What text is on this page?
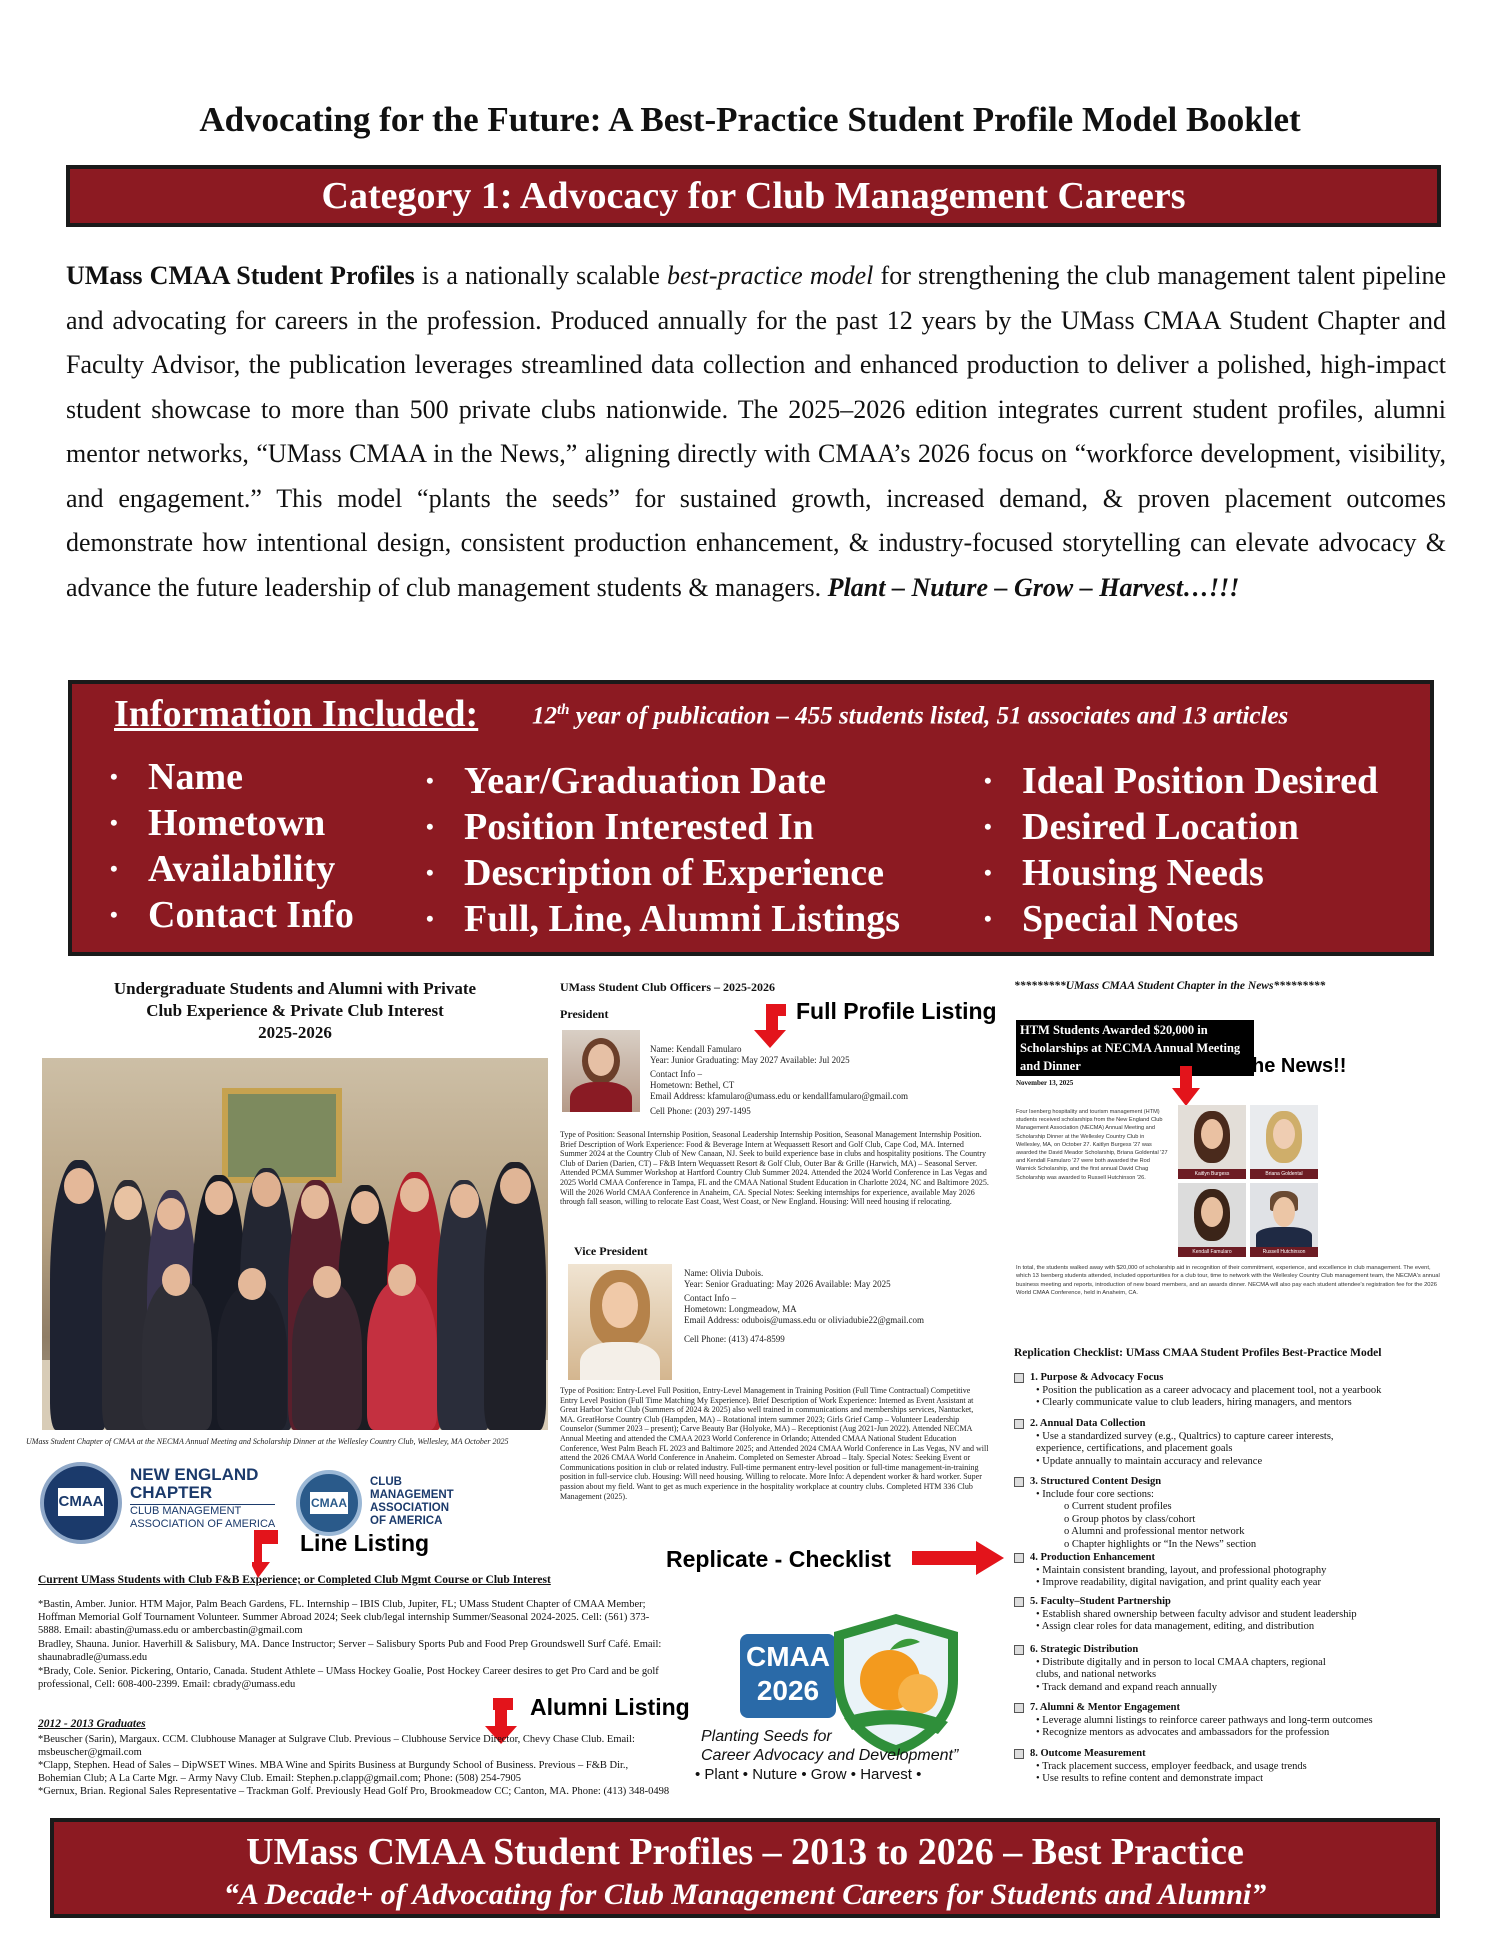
Advocating for the Future: A Best-Practice Student Profile Model Booklet
Category 1: Advocacy for Club Management Careers
UMass CMAA Student Profiles is a nationally scalable best-practice model for strengthening the club management talent pipeline and advocating for careers in the profession. Produced annually for the past 12 years by the UMass CMAA Student Chapter and Faculty Advisor, the publication leverages streamlined data collection and enhanced production to deliver a polished, high-impact student showcase to more than 500 private clubs nationwide. The 2025–2026 edition integrates current student profiles, alumni mentor networks, “UMass CMAA in the News,” aligning directly with CMAA’s 2026 focus on “workforce development, visibility, and engagement.” This model “plants the seeds” for sustained growth, increased demand, & proven placement outcomes demonstrate how intentional design, consistent production enhancement, & industry-focused storytelling can elevate advocacy & advance the future leadership of club management students & managers. Plant – Nuture – Grow – Harvest…!!!
Information Included: 12th year of publication – 455 students listed, 51 associates and 13 articles
• Name
• Hometown
• Availability
• Contact Info
• Year/Graduation Date
• Position Interested In
• Description of Experience
• Full, Line, Alumni Listings
• Ideal Position Desired
• Desired Location
• Housing Needs
• Special Notes
Undergraduate Students and Alumni with Private
Club Experience & Private Club Interest
2025-2026
UMass Student Chapter of CMAA at the NECMA Annual Meeting and Scholarship Dinner at the Wellesley Country Club, Wellesley, MA October 2025
CMAA
NEW ENGLAND
CHAPTER
CLUB MANAGEMENT
ASSOCIATION OF AMERICA
CMAA
CLUB
MANAGEMENT
ASSOCIATION
OF AMERICA
Line Listing
Current UMass Students with Club F&B Experience; or Completed Club Mgmt Course or Club Interest
*Bastin, Amber. Junior. HTM Major, Palm Beach Gardens, FL. Internship – IBIS Club, Jupiter, FL; UMass Student Chapter of CMAA Member; Hoffman Memorial Golf Tournament Volunteer. Summer Abroad 2024; Seek club/legal internship Summer/Seasonal 2024-2025. Cell: (561) 373- 5888. Email: abastin@umass.edu or ambercbastin@gmail.com
Bradley, Shauna. Junior. Haverhill & Salisbury, MA. Dance Instructor; Server – Salisbury Sports Pub and Food Prep Groundswell Surf Café. Email: shaunabradle@umass.edu
*Brady, Cole. Senior. Pickering, Ontario, Canada. Student Athlete – UMass Hockey Goalie, Post Hockey Career desires to get Pro Card and be golf professional, Cell: 608-400-2399. Email: cbrady@umass.edu
Alumni Listing
2012 - 2013 Graduates
*Beuscher (Sarin), Margaux. CCM. Clubhouse Manager at Sulgrave Club. Previous – Clubhouse Service Director, Chevy Chase Club. Email: msbeuscher@gmail.com
*Clapp, Stephen. Head of Sales – DipWSET Wines. MBA Wine and Spirits Business at Burgundy School of Business. Previous – F&B Dir., Bohemian Club; A La Carte Mgr. – Army Navy Club. Email: Stephen.p.clapp@gmail.com; Phone: (508) 254-7905
*Gernux, Brian. Regional Sales Representative – Trackman Golf. Previously Head Golf Pro, Brookmeadow CC; Canton, MA. Phone: (413) 348-0498
UMass Student Club Officers – 2025-2026
President	Full Profile Listing
Name: Kendall Famularo
Year: Junior Graduating: May 2027 Available: Jul 2025
Contact Info –
Hometown: Bethel, CT
Email Address: kfamularo@umass.edu or kendallfamularo@gmail.com
Cell Phone: (203) 297-1495
Type of Position: Seasonal Internship Position, Seasonal Leadership Internship Position, Seasonal Management Internship Position. Brief Description of Work Experience: Food & Beverage Intern at Wequassett Resort and Golf Club, Cape Cod, MA. Interned Summer 2024 at the Country Club of New Canaan, NJ. Seek to build experience base in clubs and hospitality positions. The Country Club of Darien (Darien, CT) – F&B Intern Wequassett Resort & Golf Club, Outer Bar & Grille (Harwich, MA) – Seasonal Server. Attended PCMA Summer Workshop at Hartford Country Club Summer 2024. Attended the 2024 World Conference in Las Vegas and 2025 World CMAA Conference in Tampa, FL and the CMAA National Student Education in Charlotte 2024, NC and Baltimore 2025. Will the 2026 World CMAA Conference in Anaheim, CA. Special Notes: Seeking internships for experience, available May 2026 through fall season, willing to relocate East Coast, West Coast, or New England. Housing: Will need housing if relocating.
Vice President
Name: Olivia Dubois.
Year: Senior Graduating: May 2026 Available: May 2025
Contact Info –
Hometown: Longmeadow, MA
Email Address: odubois@umass.edu or oliviadubie22@gmail.com
Cell Phone: (413) 474-8599
Type of Position: Entry-Level Full Position, Entry-Level Management in Training Position (Full Time Contractual) Competitive Entry Level Position (Full Time Matching My Experience). Brief Description of Work Experience: Interned as Event Assistant at Great Harbor Yacht Club (Summers of 2024 & 2025) also well trained in communications and memberships services, Nantucket, MA. GreatHorse Country Club (Hampden, MA) – Rotational intern summer 2023; Girls Grief Camp – Volunteer Leadership Counselor (Summer 2023 – present); Carve Beauty Bar (Holyoke, MA) – Receptionist (Aug 2021-Jun 2022). Attended NECMA Annual Meeting and attended the CMAA 2023 World Conference in Orlando; Attended CMAA National Student Education Conference, West Palm Beach FL 2023 and Baltimore 2025; and Attended 2024 CMAA World Conference in Las Vegas, NV and will attend the 2026 CMAA World Conference in Anaheim. Completed on Semester Abroad – Italy. Special Notes: Seeking Event or Communications position in club or related industry. Full-time permanent entry-level position or full-time management-in-training position in full-service club. Housing: Will need housing. Willing to relocate. More Info: A dependent worker & hard worker. Super passion about my field. Want to get as much experience in the hospitality workplace at country clubs. Completed HTM 336 Club Management (2025).
Replicate - Checklist
CMAA
2026
Planting Seeds for
Career Advocacy and Development”
• Plant • Nuture • Grow • Harvest •
*********UMass CMAA Student Chapter in the News*********
HTM Students Awarded $20,000 in Scholarships at NECMA Annual Meeting and Dinner
November 13, 2025
In the News!!
Four Isenberg hospitality and tourism management (HTM) students received scholarships from the New England Club Management Association (NECMA) Annual Meeting and Scholarship Dinner at the Wellesley Country Club in Wellesley, MA, on October 27. Kaitlyn Burgess '27 was awarded the David Meador Scholarship, Briana Goldental '27 and Kendall Famularo '27 were both awarded the Rod Warnick Scholarship, and the first annual David Chag Scholarship was awarded to Russell Hutchinson '26.
Kaitlyn Burgess	Briana Goldental
Kendall Famularo	Russell Hutchinson
In total, the students walked away with $20,000 of scholarship aid in recognition of their commitment, experience, and excellence in club management. The event, which 13 Isenberg students attended, included opportunities for a club tour, time to network with the Wellesley Country Club management team, the NECMA's annual business meeting and reports, introduction of new board members, and an awards dinner. NECMA will also pay each student attendee's registration fee for the 2026 World CMAA Conference, held in Anaheim, CA.
Replication Checklist: UMass CMAA Student Profiles Best-Practice Model
1. Purpose & Advocacy Focus
• Position the publication as a career advocacy and placement tool, not a yearbook
• Clearly communicate value to club leaders, hiring managers, and mentors
2. Annual Data Collection
• Use a standardized survey (e.g., Qualtrics) to capture career interests, experience, certifications, and placement goals
• Update annually to maintain accuracy and relevance
3. Structured Content Design
• Include four core sections:
o Current student profiles
o Group photos by class/cohort
o Alumni and professional mentor network
o Chapter highlights or “In the News” section
4. Production Enhancement
• Maintain consistent branding, layout, and professional photography
• Improve readability, digital navigation, and print quality each year
5. Faculty–Student Partnership
• Establish shared ownership between faculty advisor and student leadership
• Assign clear roles for data management, editing, and distribution
6. Strategic Distribution
• Distribute digitally and in person to local CMAA chapters, regional clubs, and national networks
• Track demand and expand reach annually
7. Alumni & Mentor Engagement
• Leverage alumni listings to reinforce career pathways and long-term outcomes
• Recognize mentors as advocates and ambassadors for the profession
8. Outcome Measurement
• Track placement success, employer feedback, and usage trends
• Use results to refine content and demonstrate impact
UMass CMAA Student Profiles – 2013 to 2026 – Best Practice
“A Decade+ of Advocating for Club Management Careers for Students and Alumni”
